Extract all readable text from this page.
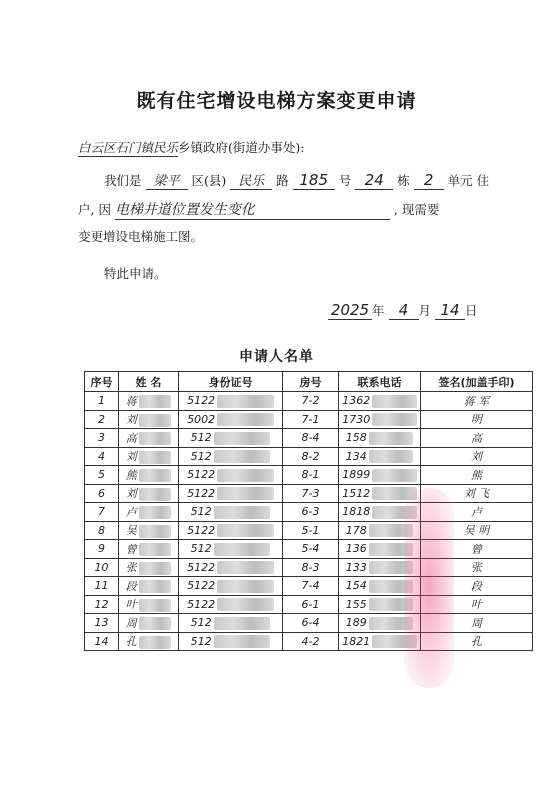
既有住宅增设电梯方案变更申请
白云区石门镇民乐乡镇政府(街道办事处):
我们是 梁平 区(县) 民乐 路 185 号 24 栋 2 单元 住
户, 因 电梯井道位置发生变化	, 现需要
变更增设电梯施工图。
特此申请。
2025 年 4 月 14 日
申请人名单
序号	姓 名	身份证号	房号	联系电话	签名(加盖手印)
1	蒋	5122	7-2	1362	蒋 军
2	刘	5002	7-1	1730	明
3	高	512	8-4	158	高
4	刘	512	8-2	134	刘
5	熊	5122	8-1	1899	熊
6	刘	5122	7-3	1512	刘 飞
7	卢	512	6-3	1818	卢
8	吴	5122	5-1	178	吴 明
9	曾	512	5-4	136	曾
10	张	5122	8-3	133	张
11	段	5122	7-4	154	段
12	叶	5122	6-1	155	叶
13	周	512	6-4	189	周
14	孔	512	4-2	1821	孔
